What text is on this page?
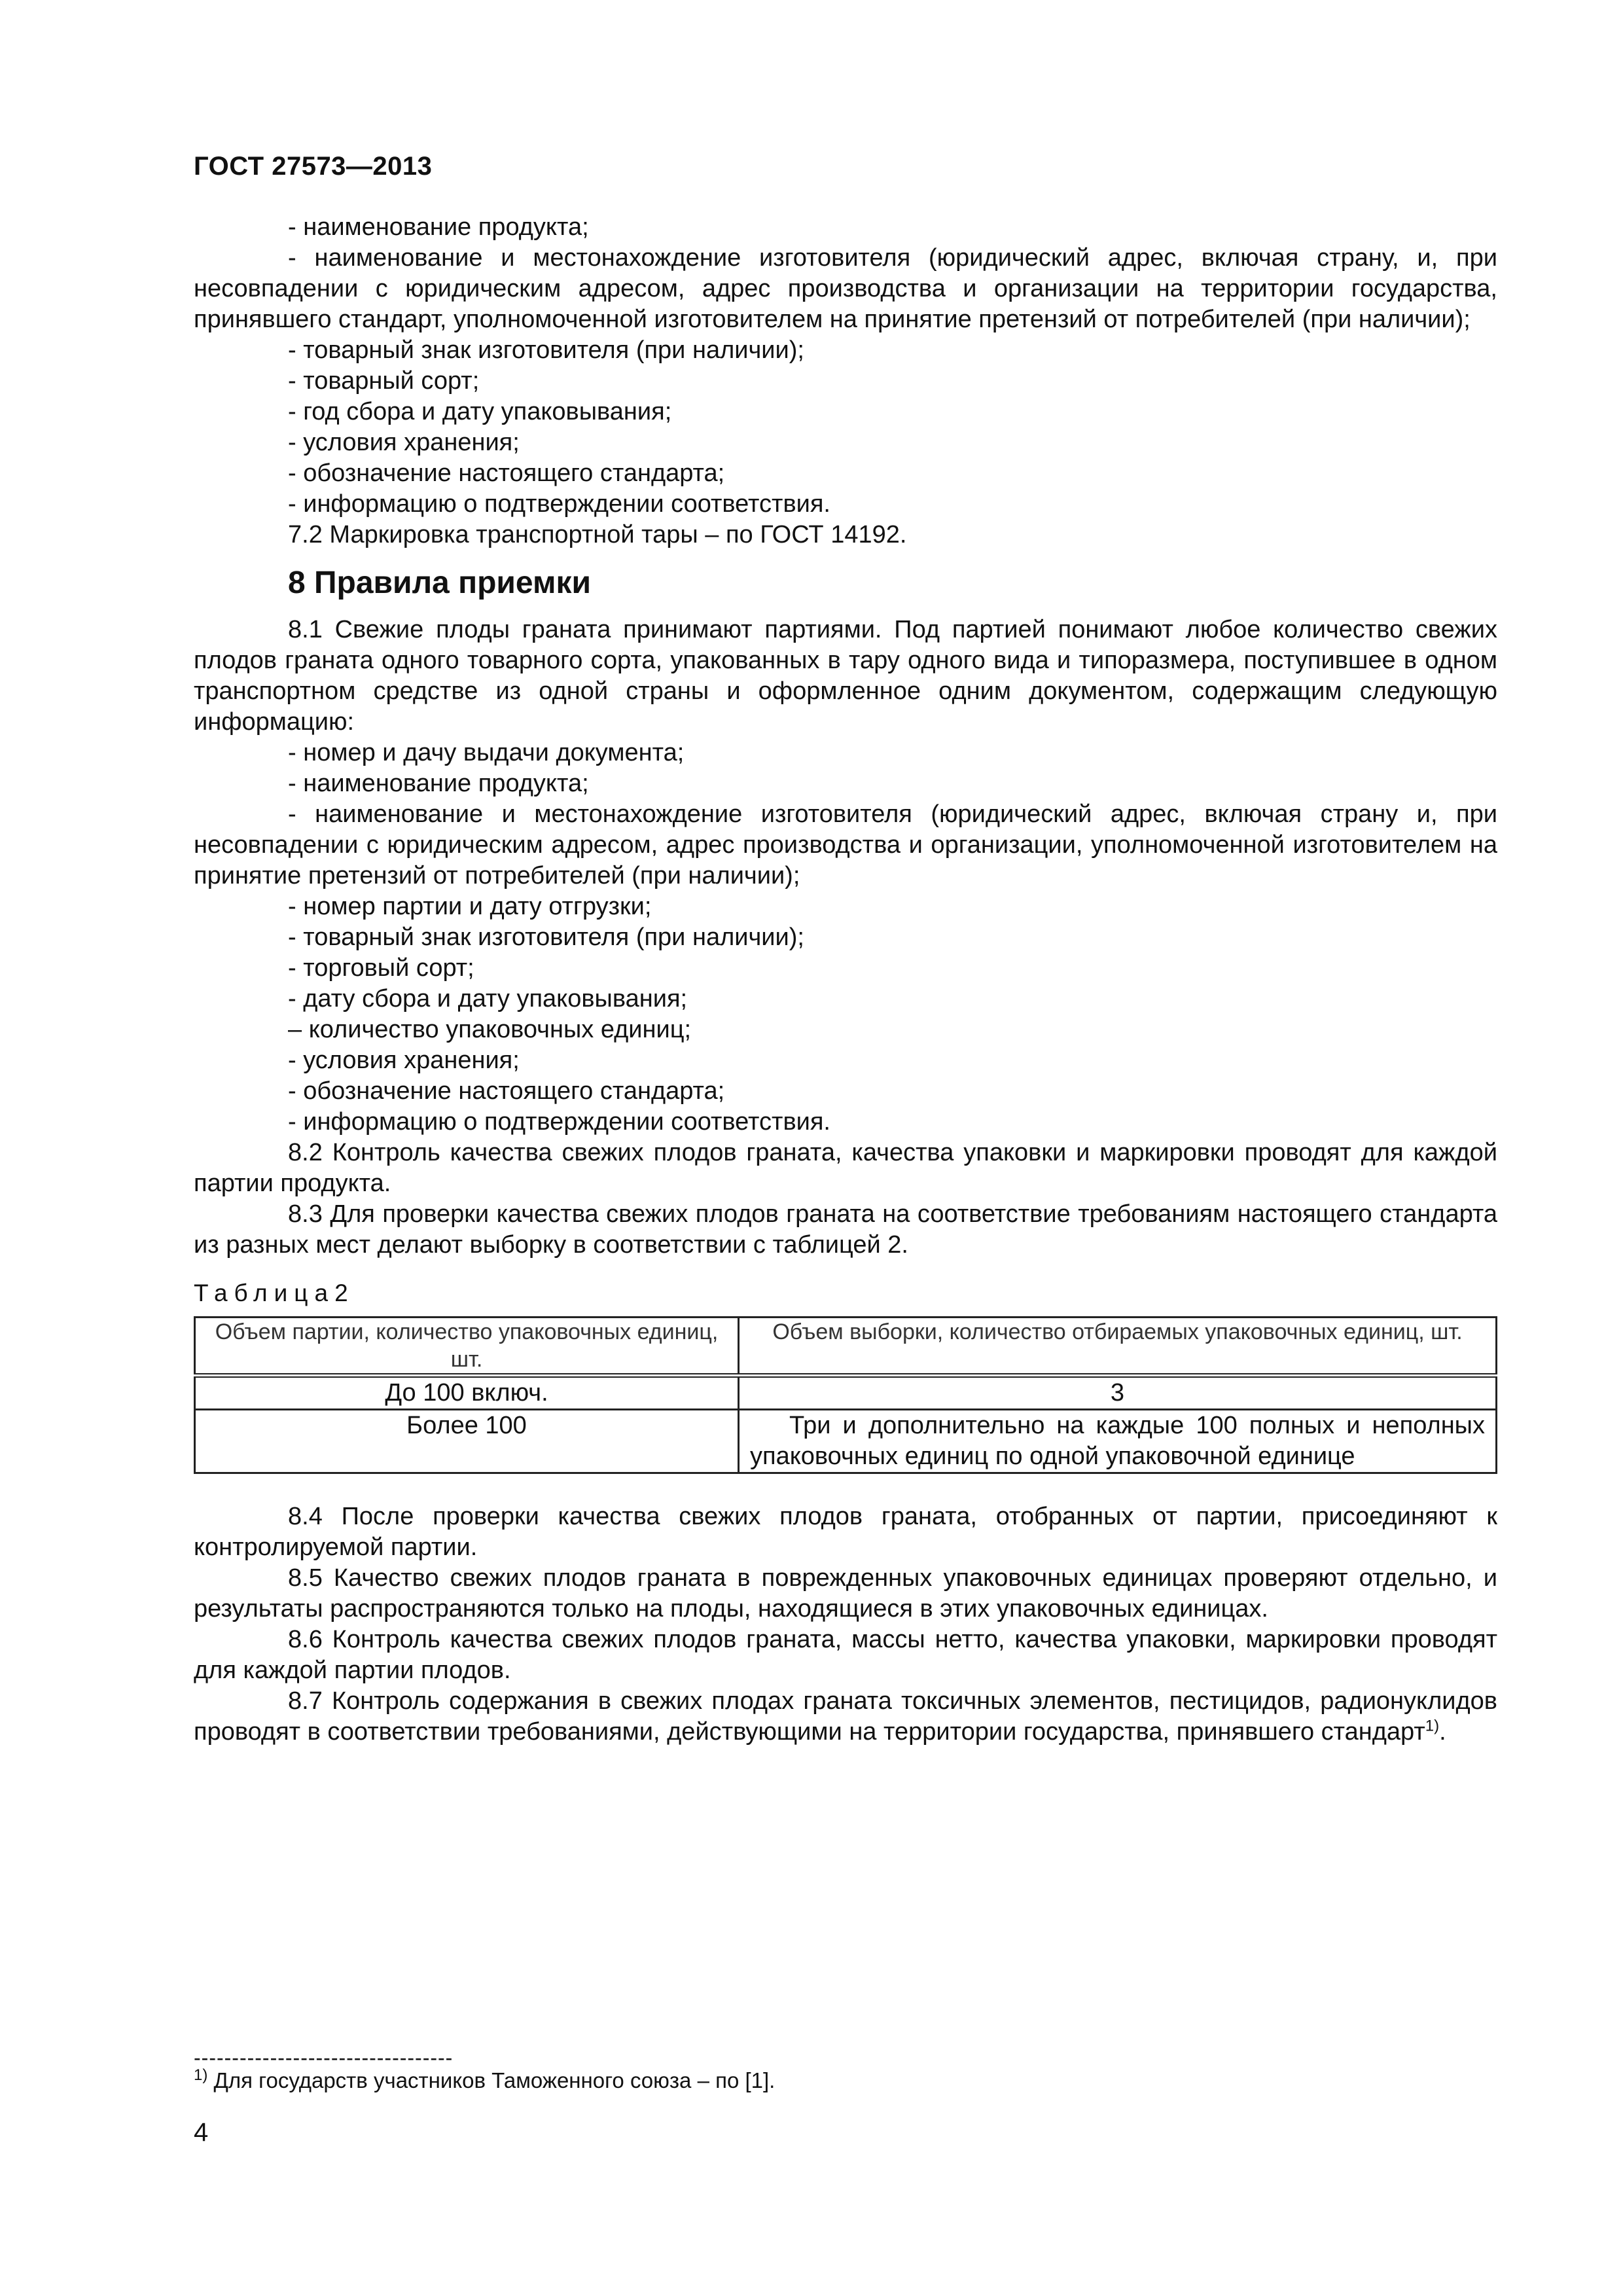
ГОСТ 27573—2013

- наименование продукта;

- наименование и местонахождение изготовителя (юридический адрес, включая страну, и, при несовпадении с юридическим адресом, адрес производства и организации на территории государства, принявшего стандарт, уполномоченной изготовителем на принятие претензий от потребителей (при наличии);

- товарный знак изготовителя (при наличии);

- товарный сорт;

- год сбора и дату упаковывания;

- условия хранения;

- обозначение настоящего стандарта;

- информацию о подтверждении соответствия.

7.2 Маркировка транспортной тары – по ГОСТ 14192.

8 Правила приемки

8.1 Свежие плоды граната принимают партиями. Под партией понимают любое количество свежих плодов граната одного товарного сорта, упакованных в тару одного вида и типоразмера, поступившее в одном транспортном средстве из одной страны и оформленное одним документом, содержащим следующую информацию:

- номер и дачу выдачи документа;

- наименование продукта;

- наименование и местонахождение изготовителя (юридический адрес, включая страну и, при несовпадении с юридическим адресом, адрес производства и организации, уполномоченной изготовителем на принятие претензий от потребителей (при наличии);

- номер партии и дату отгрузки;

- товарный знак изготовителя (при наличии);

- торговый сорт;

- дату сбора и дату упаковывания;

– количество упаковочных единиц;

- условия хранения;

- обозначение настоящего стандарта;

- информацию о подтверждении соответствия.

8.2 Контроль качества свежих плодов граната, качества упаковки и маркировки проводят для каждой партии продукта.

8.3 Для проверки качества свежих плодов граната на соответствие требованиям настоящего стандарта из разных мест делают выборку в соответствии с таблицей 2.

Таблица2
Объем партии, количество упаковочных единиц, шт.	Объем выборки, количество отбираемых упаковочных единиц, шт.
До 100 включ.	3
Более 100	Три и дополнительно на каждые 100 полных и неполных упаковочных единиц по одной упаковочной единице

8.4 После проверки качества свежих плодов граната, отобранных от партии, присоединяют к контролируемой партии.

8.5 Качество свежих плодов граната в поврежденных упаковочных единицах проверяют отдельно, и результаты распространяются только на плоды, находящиеся в этих упаковочных единицах.

8.6 Контроль качества свежих плодов граната, массы нетто, качества упаковки, маркировки проводят для каждой партии плодов.

8.7 Контроль содержания в свежих плодах граната токсичных элементов, пестицидов, радионуклидов проводят в соответствии требованиями, действующими на территории государства, принявшего стандарт$^{1)}$.

----------------------------------
$^{1)}$ Для государств участников Таможенного союза – по [1].
4
